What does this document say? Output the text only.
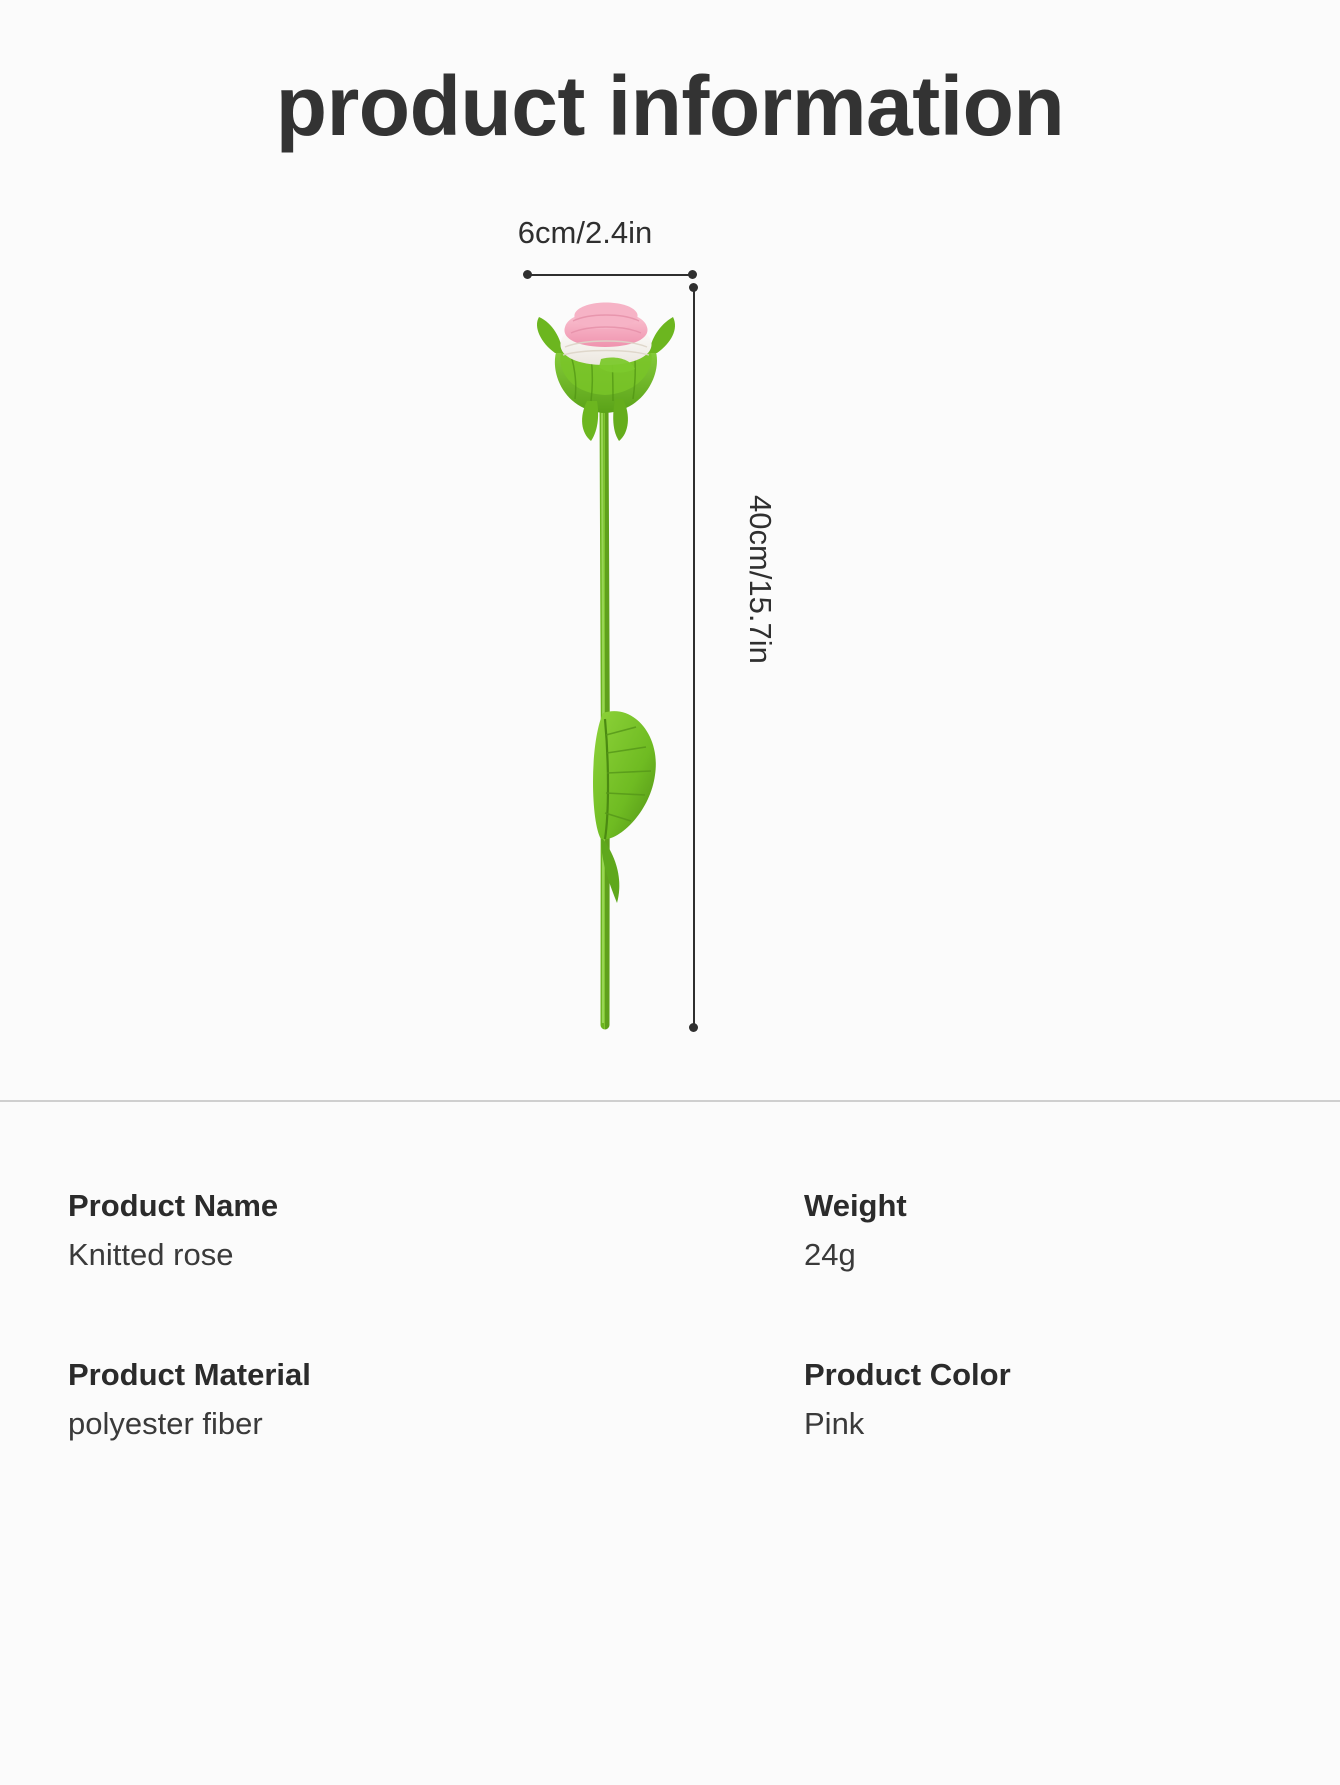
product information
6cm/2.4in
40cm/15.7in
Product Name
Knitted rose
Weight
24g
Product Material
polyester fiber
Product Color
Pink
